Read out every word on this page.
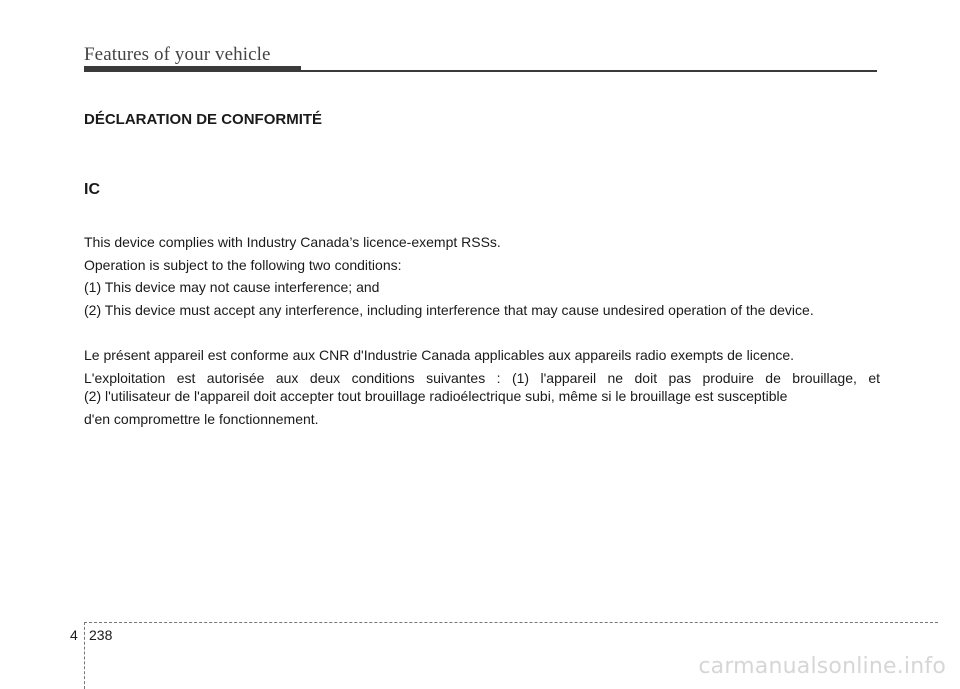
Features of your vehicle
DÉCLARATION DE CONFORMITÉ
IC

This device complies with Industry Canada’s licence-exempt RSSs.

Operation is subject to the following two conditions:

(1) This device may not cause interference; and

(2) This device must accept any interference, including interference that may cause undesired operation of the device.

Le présent appareil est conforme aux CNR d'Industrie Canada applicables aux appareils radio exempts de licence.

L'exploitation est autorisée aux deux conditions suivantes : (1) l'appareil ne doit pas produire de brouillage, et

(2) l'utilisateur de l'appareil doit accepter tout brouillage radioélectrique subi, même si le brouillage est susceptible

d'en compromettre le fonctionnement.

4 238
carmanualsonline.info
